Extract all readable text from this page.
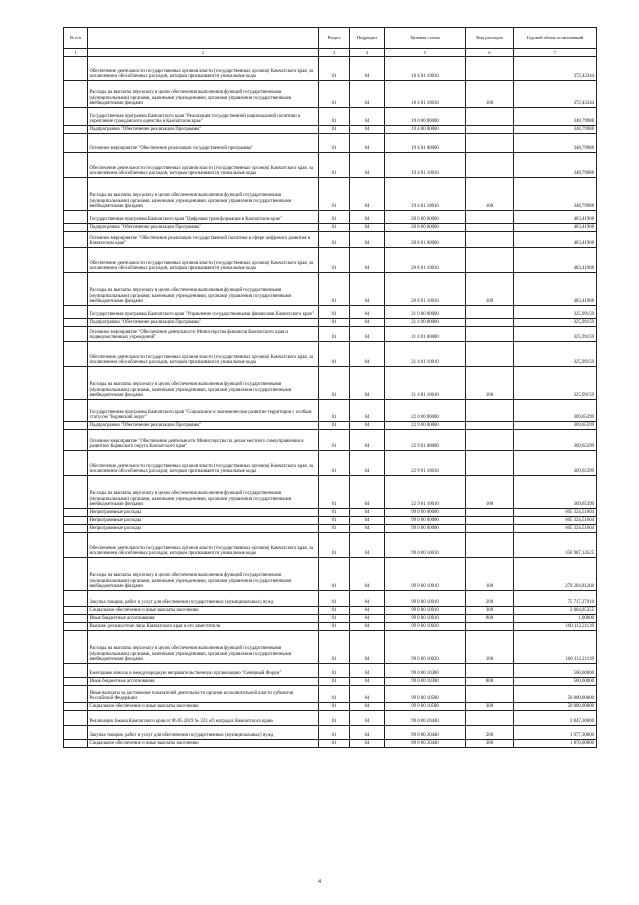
№ п/п		Раздел	Подраздел	Целевая статья	Вид расходов	Годовой объем ассигнований
1	2	3	4	5	6	7
	Обеспечение деятельности государственных органов власти (государственных органов) Камчатского края, за исключением обособленных расходов, которым присваиваются уникальные коды	01	04	18 4 01 10010		372,43344
	Расходы на выплаты персоналу в целях обеспечения выполнения функций государственными (муниципальными) органами, казенными учреждениями, органами управления государственными внебюджетными фондами	01	04	18 4 01 10010	100	372,43344
	Государственная программа Камчатского края "Реализация государственной национальной политики и укрепление гражданского единства в Камчатском крае"	01	04	19 0 00 00000		348,79988
	Подпрограмма "Обеспечение реализации Программы"	01	04	19 4 00 00000		348,79988
	Основное мероприятие "Обеспечение реализации государственной программы"	01	04	19 4 01 00000		348,79988
	Обеспечение деятельности государственных органов власти (государственных органов) Камчатского края, за исключением обособленных расходов, которым присваиваются уникальные коды	01	04	19 4 01 10010		348,79988
	Расходы на выплаты персоналу в целях обеспечения выполнения функций государственными (муниципальными) органами, казенными учреждениями, органами управления государственными внебюджетными фондами	01	04	19 4 01 10010	100	348,79988
	Государственная программа Камчатского края "Цифровая трансформация в Камчатском крае"	01	04	20 0 00 00000		483,41968
	Подпрограмма "Обеспечение реализации Программы"	01	04	20 8 00 00000		483,41968
	Основное мероприятие "Обеспечение реализации государственной политики в сфере цифрового развития в Камчатском крае"	01	04	20 8 01 00000		483,41968
	Обеспечение деятельности государственных органов власти (государственных органов) Камчатского края, за исключением обособленных расходов, которым присваиваются уникальные коды	01	04	20 8 01 10010		483,41968
	Расходы на выплаты персоналу в целях обеспечения выполнения функций государственными (муниципальными) органами, казенными учреждениями, органами управления государственными внебюджетными фондами	01	04	20 8 01 10010	100	483,41968
	Государственная программа Камчатского края "Управление государственными финансами Камчатского края"	01	04	21 0 00 00000		325,99159
	Подпрограмма "Обеспечение реализации Программы"	01	04	21 4 00 00000		325,99159
	Основное мероприятие "Обеспечение деятельности Министерства финансов Камчатского края и подведомственных учреждений"	01	04	21 4 01 00000		325,99159
	Обеспечение деятельности государственных органов власти (государственных органов) Камчатского края, за исключением обособленных расходов, которым присваиваются уникальные коды	01	04	21 4 01 10010		325,99159
	Расходы на выплаты персоналу в целях обеспечения выполнения функций государственными (муниципальными) органами, казенными учреждениями, органами управления государственными внебюджетными фондами	01	04	21 4 01 10010	100	325,99159
	Государственная программа Камчатского края "Социальное и экономическое развитие территории с особым статусом "Корякский округ"	01	04	22 0 00 00000		369,65399
	Подпрограмма "Обеспечение реализации Программы"	01	04	22 9 00 00000		369,65399
	Основное мероприятие "Обеспечение деятельности Министерства по делам местного самоуправления и развитию Корякского округа Камчатского края"	01	04	22 9 01 00000		369,65399
	Обеспечение деятельности государственных органов власти (государственных органов) Камчатского края, за исключением обособленных расходов, которым присваиваются уникальные коды	01	04	22 9 01 10010		369,65399
	Расходы на выплаты персоналу в целях обеспечения выполнения функций государственными (муниципальными) органами, казенными учреждениями, органами управления государственными внебюджетными фондами	01	04	22 9 01 10010	100	369,65399
	Непрограммные расходы	01	04	99 0 00 00000		605 324,51604
	Непрограммные расходы	01	04	99 0 00 00000		605 324,51604
	Непрограммные расходы	01	04	99 0 00 00000		605 324,51604
	Обеспечение деятельности государственных органов власти (государственных органов) Камчатского края, за исключением обособленных расходов, которым присваиваются уникальные коды	01	04	99 0 00 10010		356 987,14525
	Расходы на выплаты персоналу в целях обеспечения выполнения функций государственными (муниципальными) органами, казенными учреждениями, органами управления государственными внебюджетными фондами	01	04	99 0 00 10010	100	279 204,81260
	Закупка товаров, работ и услуг для обеспечения государственных (муниципальных) нужд	01	04	99 0 00 10010	200	75 717,27910
	Социальное обеспечение и иные выплаты населению	01	04	99 0 00 10010	300	2 064,05355
	Иные бюджетные ассигнования	01	04	99 0 00 10010	800	1,00000
	Высшее должностное лицо Камчатского края и его заместители	01	04	99 0 00 10020		160 112,21139
	Расходы на выплаты персоналу в целях обеспечения выполнения функций государственными (муниципальными) органами, казенными учреждениями, органами управления государственными внебюджетными фондами	01	04	99 0 00 10020	100	160 112,21139
	Ежегодные взносы в международную неправительственную организацию "Северный Форум"	01	04	99 0 00 10380		560,60000
	Иные бюджетные ассигнования	01	04	99 0 00 10380	800	560,60000
	Иные выплаты за достижение показателей деятельности органов исполнительной власти субъектов Российской Федерации	01	04	99 0 00 10580		50 000,00000
	Социальное обеспечение и иные выплаты населению	01	04	99 0 00 10580	300	50 000,00000
	Реализация Закона Камчатского края от 06.05.2019 № 323 «О наградах Камчатского края»	01	04	99 0 00 20440		3 847,30000
	Закупка товаров, работ и услуг для обеспечения государственных (муниципальных) нужд	01	04	99 0 00 20440	200	1 977,30000
	Социальное обеспечение и иные выплаты населению	01	04	99 0 00 20440	300	1 870,00000
4
